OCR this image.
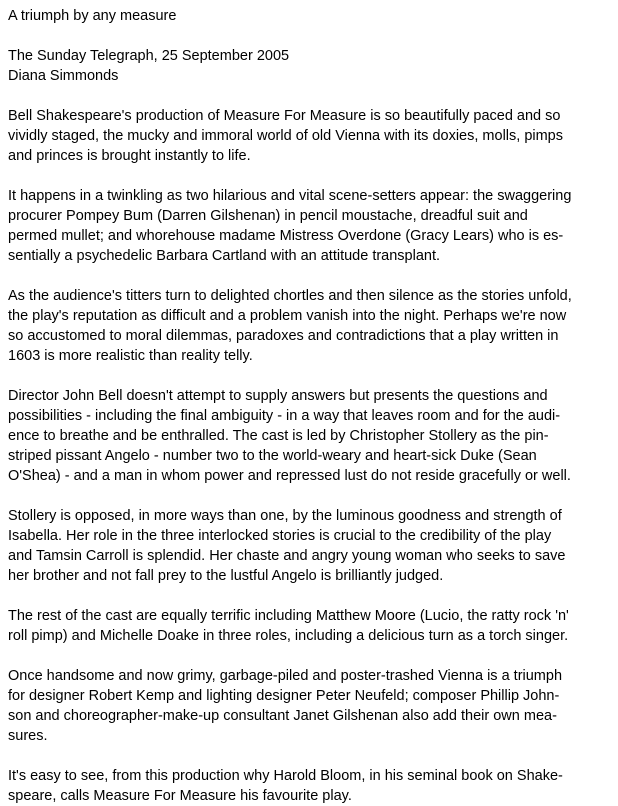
A triumph by any measure
The Sunday Telegraph, 25 September 2005
Diana Simmonds
Bell Shakespeare's production of Measure For Measure is so beautifully paced and so
vividly staged, the mucky and immoral world of old Vienna with its doxies, molls, pimps
and princes is brought instantly to life.
It happens in a twinkling as two hilarious and vital scene-setters appear: the swaggering
procurer Pompey Bum (Darren Gilshenan) in pencil moustache, dreadful suit and
permed mullet; and whorehouse madame Mistress Overdone (Gracy Lears) who is es-
sentially a psychedelic Barbara Cartland with an attitude transplant.
As the audience's titters turn to delighted chortles and then silence as the stories unfold,
the play's reputation as difficult and a problem vanish into the night. Perhaps we're now
so accustomed to moral dilemmas, paradoxes and contradictions that a play written in
1603 is more realistic than reality telly.
Director John Bell doesn't attempt to supply answers but presents the questions and
possibilities - including the final ambiguity - in a way that leaves room and for the audi-
ence to breathe and be enthralled. The cast is led by Christopher Stollery as the pin-
striped pissant Angelo - number two to the world-weary and heart-sick Duke (Sean
O'Shea) - and a man in whom power and repressed lust do not reside gracefully or well.
Stollery is opposed, in more ways than one, by the luminous goodness and strength of
Isabella. Her role in the three interlocked stories is crucial to the credibility of the play
and Tamsin Carroll is splendid. Her chaste and angry young woman who seeks to save
her brother and not fall prey to the lustful Angelo is brilliantly judged.
The rest of the cast are equally terrific including Matthew Moore (Lucio, the ratty rock 'n'
roll pimp) and Michelle Doake in three roles, including a delicious turn as a torch singer.
Once handsome and now grimy, garbage-piled and poster-trashed Vienna is a triumph
for designer Robert Kemp and lighting designer Peter Neufeld; composer Phillip John-
son and choreographer-make-up consultant Janet Gilshenan also add their own mea-
sures.
It's easy to see, from this production why Harold Bloom, in his seminal book on Shake-
speare, calls Measure For Measure his favourite play.
